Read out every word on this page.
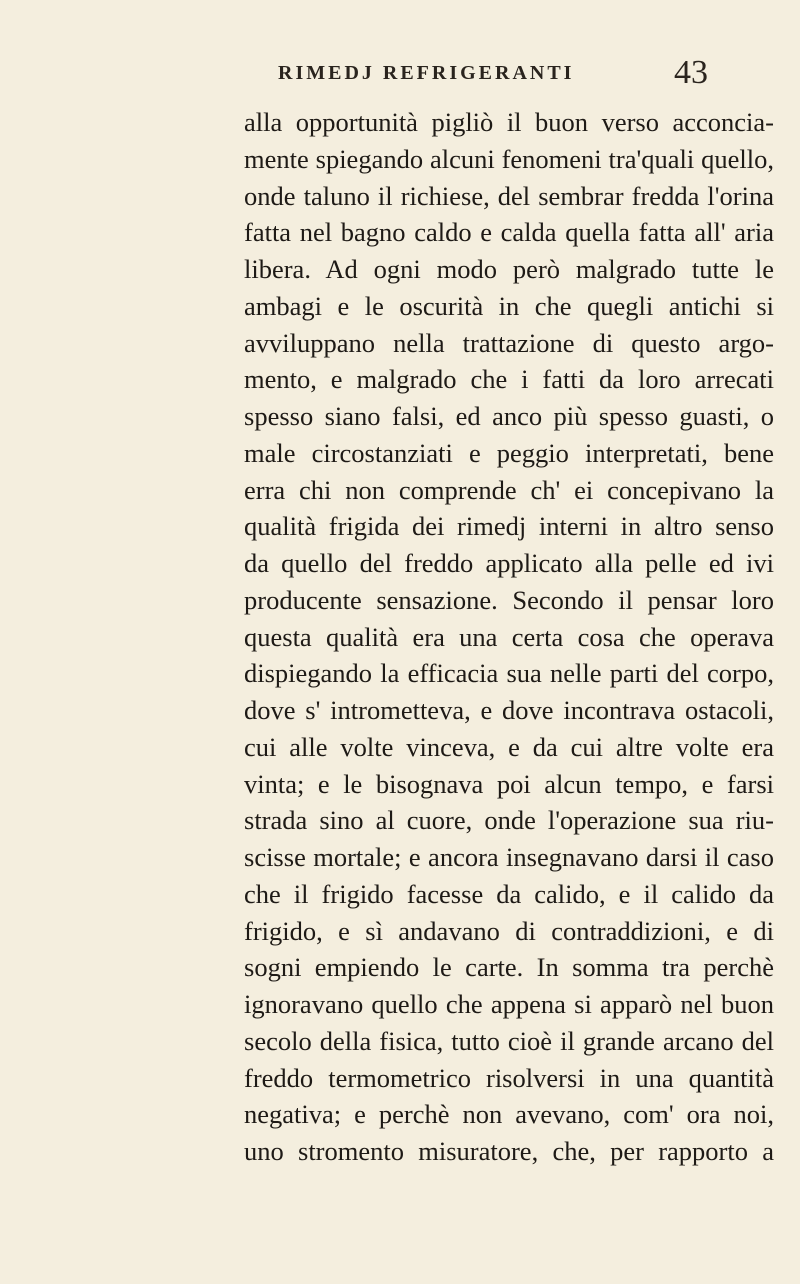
RIMEDJ REFRIGERANTI	43
alla opportunità pigliò il buon verso acconcia-
mente spiegando alcuni fenomeni tra'quali quello,
onde taluno il richiese, del sembrar fredda l'orina
fatta nel bagno caldo e calda quella fatta all' aria
libera. Ad ogni modo però malgrado tutte le
ambagi e le oscurità in che quegli antichi si
avviluppano nella trattazione di questo argo-
mento, e malgrado che i fatti da loro arrecati
spesso siano falsi, ed anco più spesso guasti, o
male circostanziati e peggio interpretati, bene
erra chi non comprende ch' ei concepivano la
qualità frigida dei rimedj interni in altro senso
da quello del freddo applicato alla pelle ed ivi
producente sensazione. Secondo il pensar loro
questa qualità era una certa cosa che operava
dispiegando la efficacia sua nelle parti del corpo,
dove s' intrometteva, e dove incontrava ostacoli,
cui alle volte vinceva, e da cui altre volte era
vinta; e le bisognava poi alcun tempo, e farsi
strada sino al cuore, onde l'operazione sua riu-
scisse mortale; e ancora insegnavano darsi il caso
che il frigido facesse da calido, e il calido da
frigido, e sì andavano di contraddizioni, e di
sogni empiendo le carte. In somma tra perchè
ignoravano quello che appena si apparò nel buon
secolo della fisica, tutto cioè il grande arcano del
freddo termometrico risolversi in una quantità
negativa; e perchè non avevano, com' ora noi,
uno stromento misuratore, che, per rapporto a
